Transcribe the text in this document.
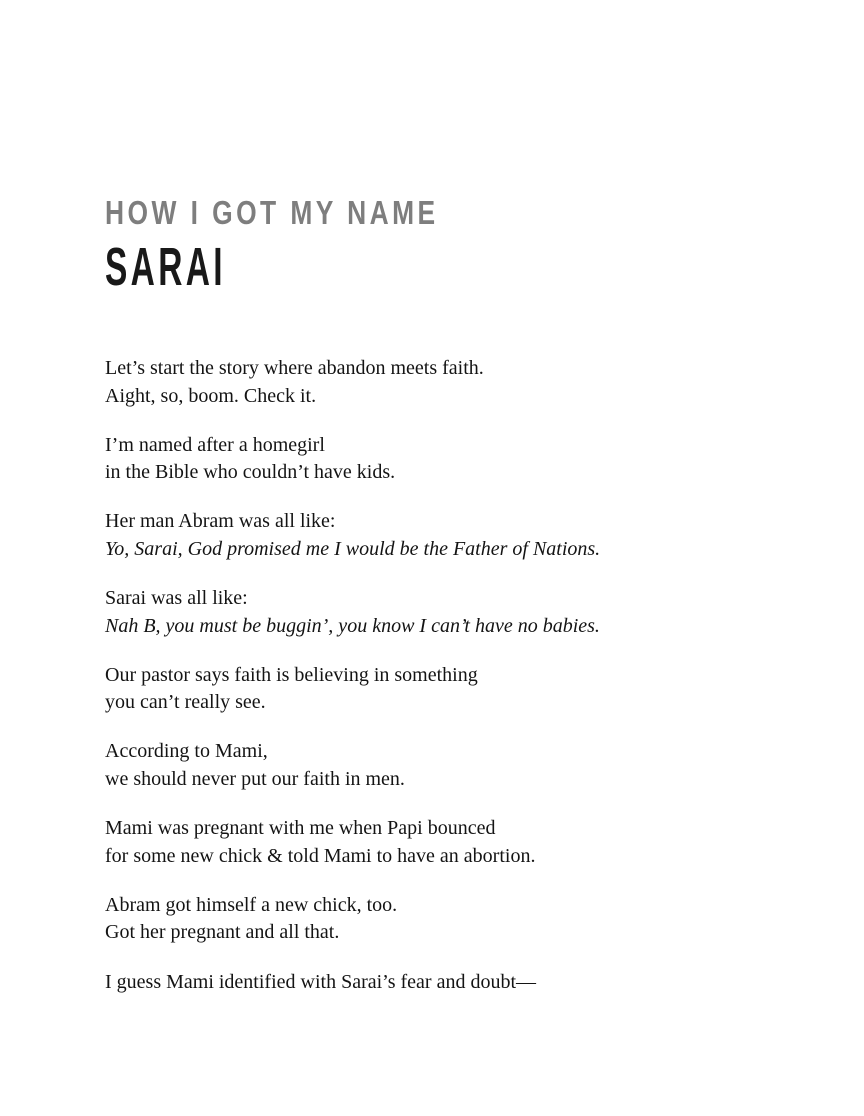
HOW I GOT MY NAME
SARAI
Let’s start the story where abandon meets faith.
Aight, so, boom. Check it.
I’m named after a homegirl
in the Bible who couldn’t have kids.
Her man Abram was all like:
Yo, Sarai, God promised me I would be the Father of Nations.
Sarai was all like:
Nah B, you must be buggin’, you know I can’t have no babies.
Our pastor says faith is believing in something
you can’t really see.
According to Mami,
we should never put our faith in men.
Mami was pregnant with me when Papi bounced
for some new chick & told Mami to have an abortion.
Abram got himself a new chick, too.
Got her pregnant and all that.
I guess Mami identified with Sarai’s fear and doubt—
